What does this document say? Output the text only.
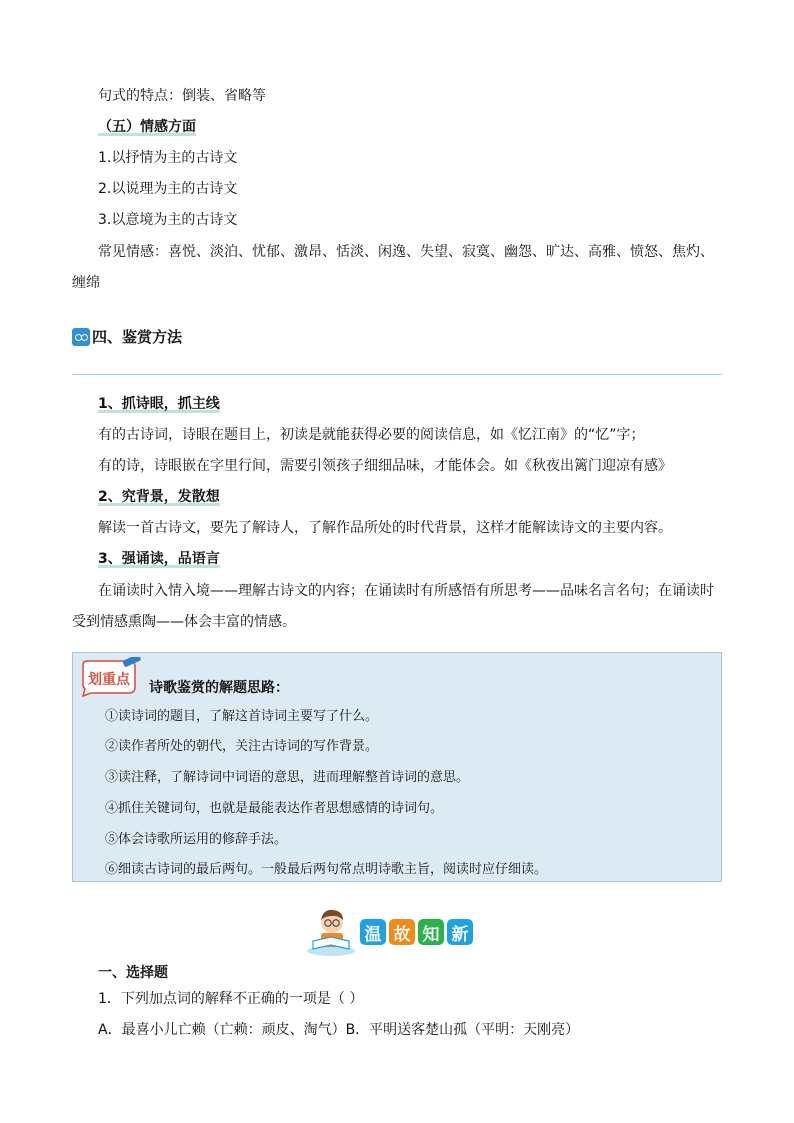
句式的特点：倒装、省略等
（五）情感方面
1.以抒情为主的古诗文
2.以说理为主的古诗文
3.以意境为主的古诗文
常见情感：喜悦、淡泊、忧郁、激昂、恬淡、闲逸、失望、寂寞、幽怨、旷达、高雅、愤怒、焦灼、
缠绵
四、鉴赏方法
1、抓诗眼，抓主线
有的古诗词，诗眼在题目上，初读是就能获得必要的阅读信息，如《忆江南》的“忆”字；
有的诗，诗眼嵌在字里行间，需要引领孩子细细品味，才能体会。如《秋夜出篱门迎凉有感》
2、究背景，发散想
解读一首古诗文，要先了解诗人，了解作品所处的时代背景，这样才能解读诗文的主要内容。
3、强诵读，品语言
在诵读时入情入境——理解古诗文的内容；在诵读时有所感悟有所思考——品味名言名句；在诵读时
受到情感熏陶——体会丰富的情感。
划重点 诗歌鉴赏的解题思路：
①读诗词的题目，了解这首诗词主要写了什么。
②读作者所处的朝代，关注古诗词的写作背景。
③读注释，了解诗词中词语的意思，进而理解整首诗词的意思。
④抓住关键词句，也就是最能表达作者思想感情的诗词句。
⑤体会诗歌所运用的修辞手法。
⑥细读古诗词的最后两句。一般最后两句常点明诗歌主旨，阅读时应仔细读。
温 故 知 新
一、选择题
1．下列加点词的解释不正确的一项是（ ）
A．最喜小儿亡赖（亡赖：顽皮、淘气）B．平明送客楚山孤（平明：天刚亮）
